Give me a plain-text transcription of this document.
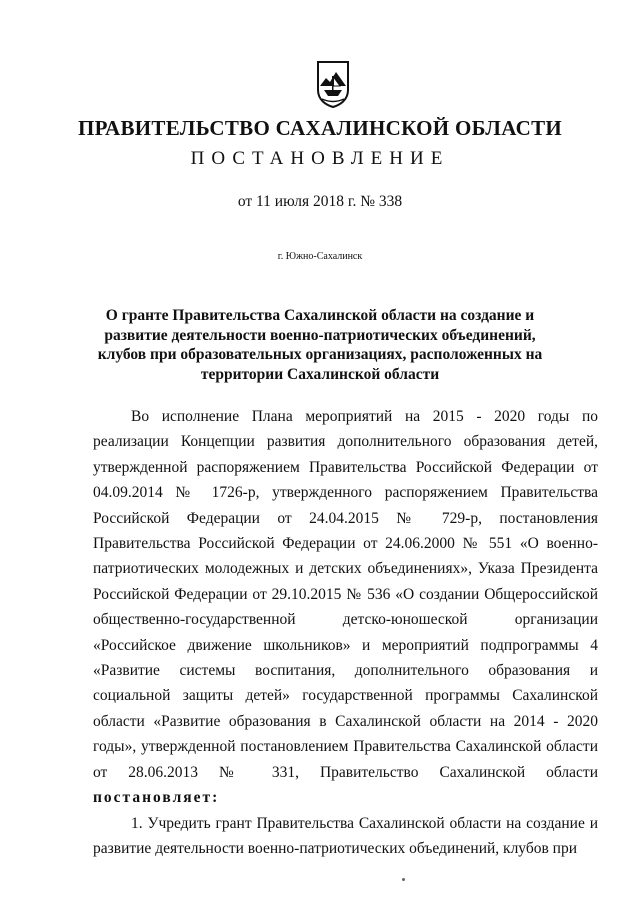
ПРАВИТЕЛЬСТВО САХАЛИНСКОЙ ОБЛАСТИ
ПОСТАНОВЛЕНИЕ
от 11 июля 2018 г. № 338
г. Южно-Сахалинск
О гранте Правительства Сахалинской области на создание и развитие деятельности военно-патриотических объединений, клубов при образовательных организациях, расположенных на территории Сахалинской области

Во исполнение Плана мероприятий на 2015 - 2020 годы по реализации Концепции развития дополнительного образования детей, утвержденной распоряжением Правительства Российской Федерации от 04.09.2014 № 1726-р, утвержденного распоряжением Правительства Российской Федерации от 24.04.2015 № 729-р, постановления Правительства Российской Федерации от 24.06.2000 № 551 «О военно-патриотических молодежных и детских объединениях», Указа Президента Российской Федерации от 29.10.2015 № 536 «О создании Общероссийской общественно-государственной детско-юношеской организации «Российское движение школьников» и мероприятий подпрограммы 4 «Развитие системы воспитания, дополнительного образования и социальной защиты детей» государственной программы Сахалинской области «Развитие образования в Сахалинской области на 2014 - 2020 годы», утвержденной постановлением Правительства Сахалинской области от 28.06.2013 № 331, Правительство Сахалинской области постановляет:

1. Учредить грант Правительства Сахалинской области на создание и развитие деятельности военно-патриотических объединений, клубов при
